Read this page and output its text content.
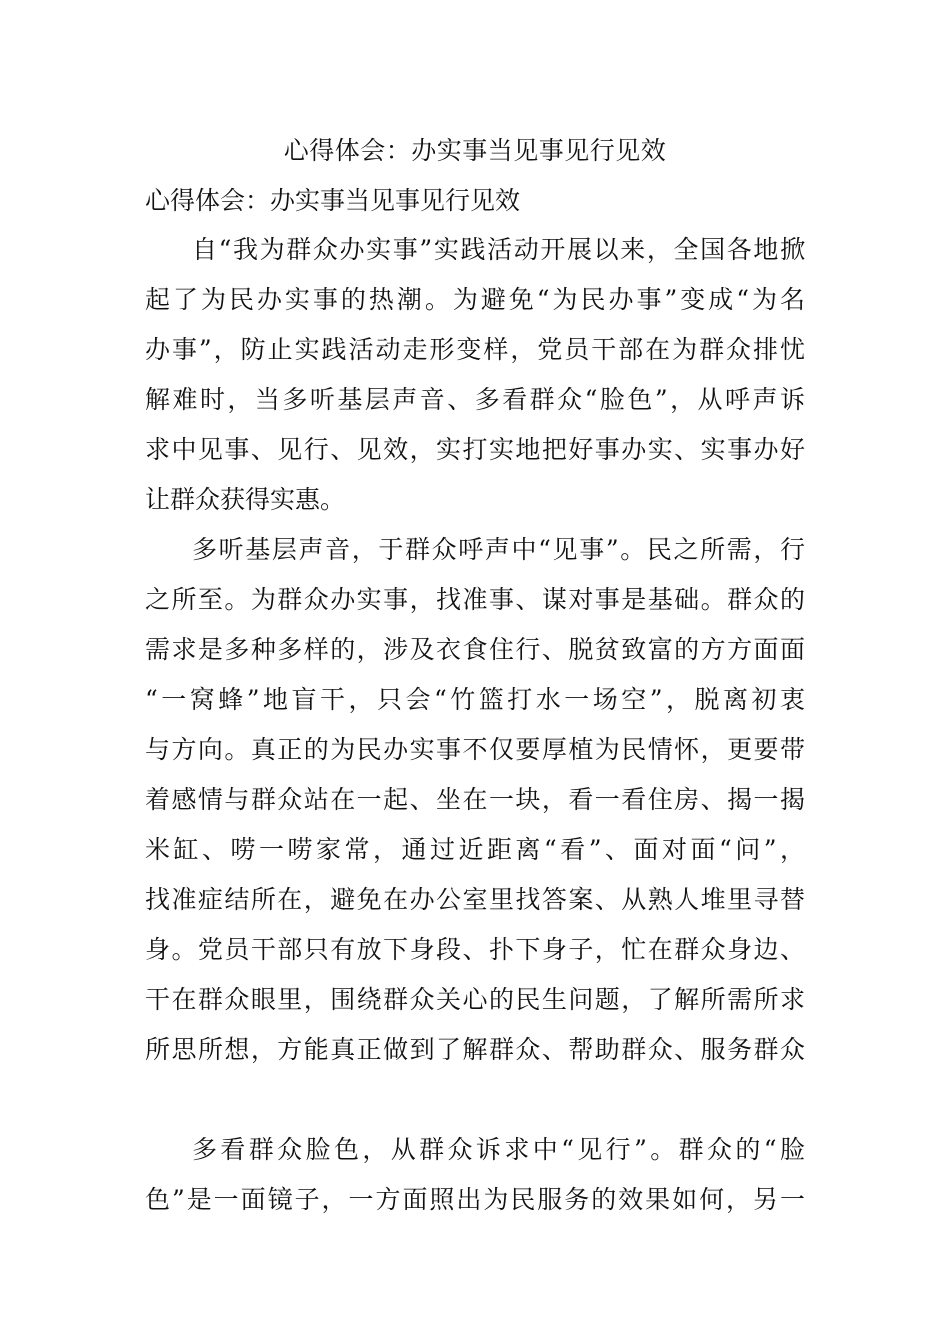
心得体会：办实事当见事见行见效
心得体会：办实事当见事见行见效
自“我为群众办实事”实践活动开展以来，全国各地掀
起了为民办实事的热潮。为避免“为民办事”变成“为名
办事”，防止实践活动走形变样，党员干部在为群众排忧
解难时，当多听基层声音、多看群众“脸色”，从呼声诉
求中见事、见行、见效，实打实地把好事办实、实事办好
让群众获得实惠。
多听基层声音，于群众呼声中“见事”。民之所需，行
之所至。为群众办实事，找准事、谋对事是基础。群众的
需求是多种多样的，涉及衣食住行、脱贫致富的方方面面
“一窝蜂”地盲干，只会“竹篮打水一场空”，脱离初衷
与方向。真正的为民办实事不仅要厚植为民情怀，更要带
着感情与群众站在一起、坐在一块，看一看住房、揭一揭
米缸、唠一唠家常，通过近距离“看”、面对面“问”，
找准症结所在，避免在办公室里找答案、从熟人堆里寻替
身。党员干部只有放下身段、扑下身子，忙在群众身边、
干在群众眼里，围绕群众关心的民生问题，了解所需所求
所思所想，方能真正做到了解群众、帮助群众、服务群众
多看群众脸色，从群众诉求中“见行”。群众的“脸
色”是一面镜子，一方面照出为民服务的效果如何，另一
